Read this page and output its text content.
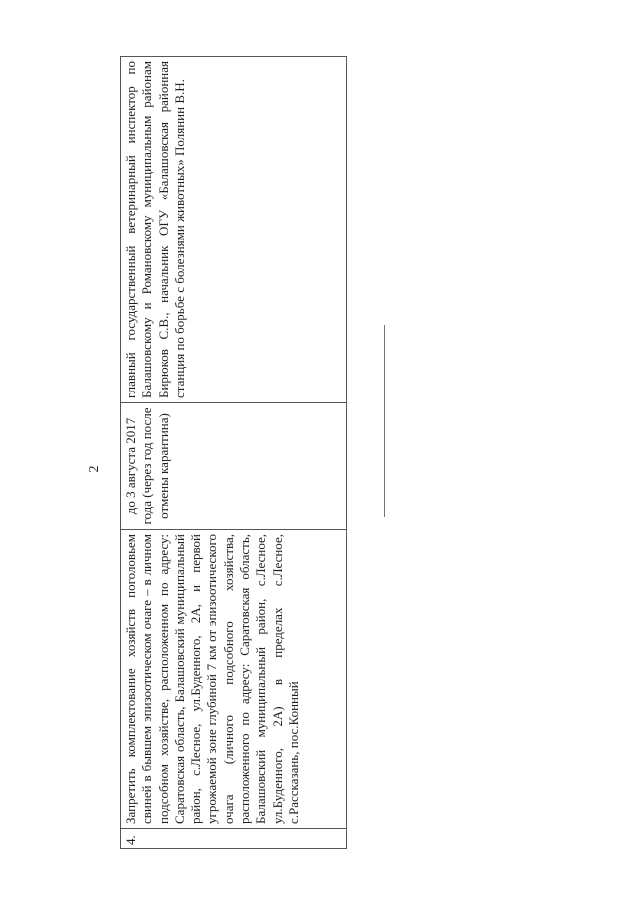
2
4.	Запретить комплектование хозяйств поголовьем свиней в бывшем эпизоотическом очаге – в личном подсобном хозяйстве, расположенном по адресу: Саратовская область, Балашовский муниципальный район, с.Лесное, ул.Буденного, 2А, и первой угрожаемой зоне глубиной 7 км от эпизоотического очага (личного подсобного хозяйства, расположенного по адресу: Саратовская область, Балашовский муниципальный район, с.Лесное, ул.Буденного, 2А) в пределах с.Лесное, с.Рассказань, пос.Конный	до 3 августа 2017 года (через год после отмены карантина)	главный государственный ветеринарный инспектор по Балашовскому и Романовскому муниципальным районам Бирюков С.В., начальник ОГУ «Балашовская районная станция по борьбе с болезнями животных» Полянин В.Н.
